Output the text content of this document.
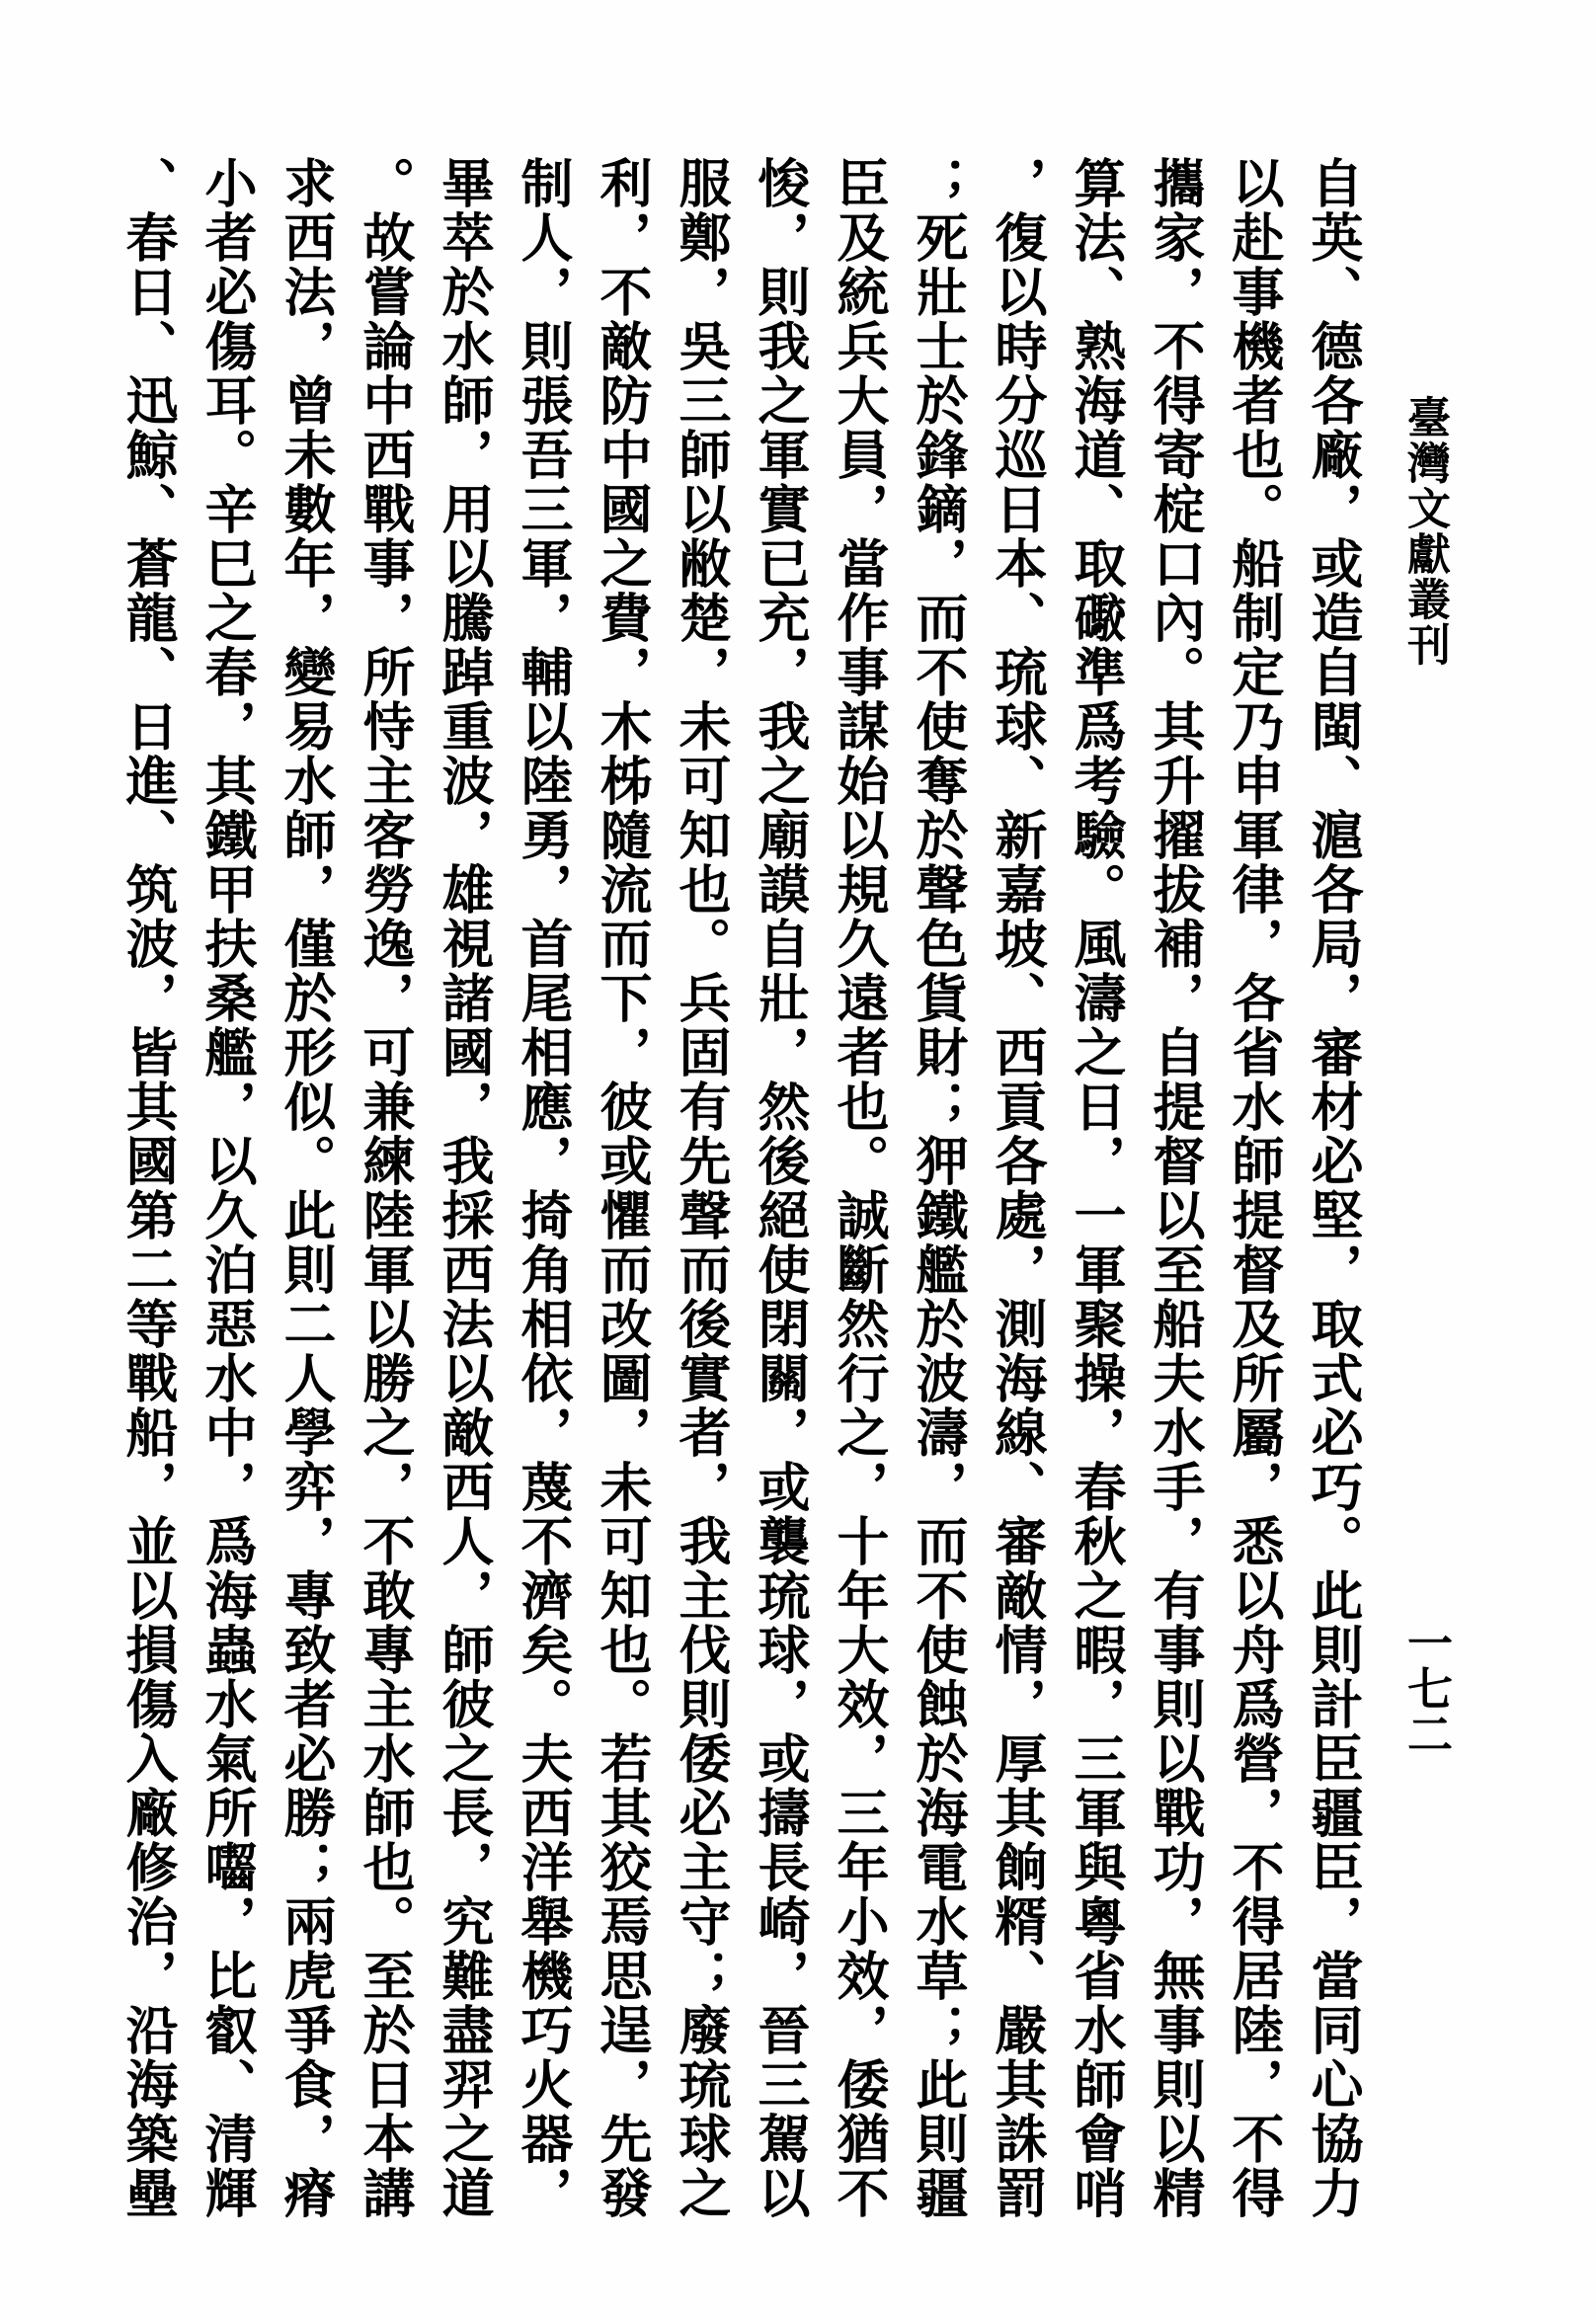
臺灣文獻叢刊
一七二
自英、德各廠，或造自閩、滬各局，審材必堅，取式必巧。此則計臣疆臣，當同心協力
以赴事機者也。船制定乃申軍律，各省水師提督及所屬，悉以舟爲營，不得居陸，不得
攜家，不得寄椗口內。其升擢拔補，自提督以至船夫水手，有事則以戰功，無事則以精
算法、熟海道、取礮準爲考驗。風濤之日，一軍聚操，春秋之暇，三軍與粵省水師會哨
，復以時分巡日本、琉球、新嘉坡、西貢各處，測海線、審敵情，厚其餉糈、嚴其誅罰
；死壯士於鋒鏑，而不使奪於聲色貨財；狎鐵艦於波濤，而不使蝕於海電水草；此則疆
臣及統兵大員，當作事謀始以規久遠者也。誠斷然行之，十年大效，三年小效，倭猶不
悛，則我之軍實已充，我之廟謨自壯，然後絕使閉關，或襲琉球，或擣長崎，晉三駕以
服鄭，吳三師以敝楚，未可知也。兵固有先聲而後實者，我主伐則倭必主守；廢琉球之
利，不敵防中國之費，木柹隨流而下，彼或懼而改圖，未可知也。若其狡焉思逞，先發
制人，則張吾三軍，輔以陸勇，首尾相應，掎角相依，蔑不濟矣。夫西洋舉機巧火器，
畢萃於水師，用以騰踔重波，雄視諸國，我採西法以敵西人，師彼之長，究難盡羿之道
。故嘗論中西戰事，所恃主客勞逸，可兼練陸軍以勝之，不敢專主水師也。至於日本講
求西法，曾未數年，變易水師，僅於形似。此則二人學弈，專致者必勝；兩虎爭食，瘠
小者必傷耳。辛巳之春，其鐵甲扶桑艦，以久泊惡水中，爲海蟲水氣所囓，比叡、清輝
、春日、迅鯨、蒼龍、日進、筑波，皆其國第二等戰船，並以損傷入廠修治，沿海築壘
